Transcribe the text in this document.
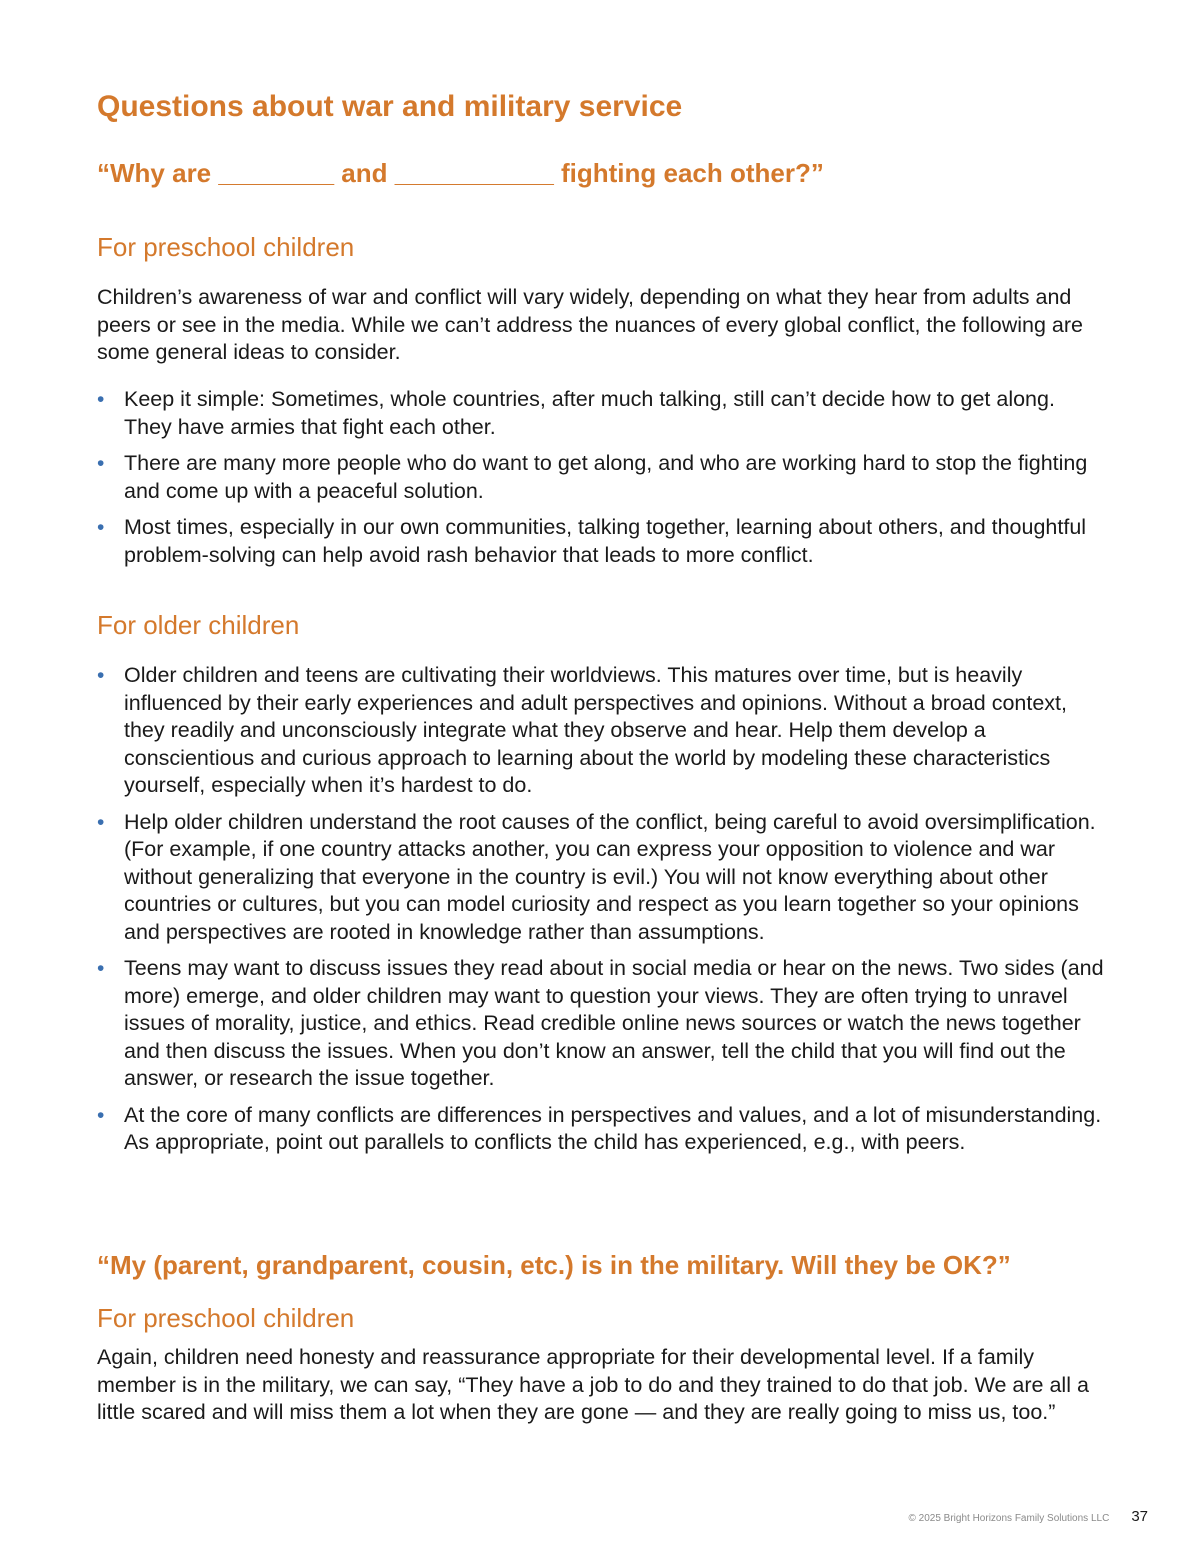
Questions about war and military service
“Why are ________ and ___________ fighting each other?”
For preschool children

Children’s awareness of war and conflict will vary widely, depending on what they hear from adults and peers or see in the media. While we can’t address the nuances of every global conflict, the following are some general ideas to consider.

• Keep it simple: Sometimes, whole countries, after much talking, still can’t decide how to get along. They have armies that fight each other.
• There are many more people who do want to get along, and who are working hard to stop the fighting and come up with a peaceful solution.
• Most times, especially in our own communities, talking together, learning about others, and thoughtful problem-solving can help avoid rash behavior that leads to more conflict.
For older children
• Older children and teens are cultivating their worldviews. This matures over time, but is heavily influenced by their early experiences and adult perspectives and opinions. Without a broad context, they readily and unconsciously integrate what they observe and hear. Help them develop a conscientious and curious approach to learning about the world by modeling these characteristics yourself, especially when it’s hardest to do.
• Help older children understand the root causes of the conflict, being careful to avoid oversimplification. (For example, if one country attacks another, you can express your opposition to violence and war without generalizing that everyone in the country is evil.) You will not know everything about other countries or cultures, but you can model curiosity and respect as you learn together so your opinions and perspectives are rooted in knowledge rather than assumptions.
• Teens may want to discuss issues they read about in social media or hear on the news. Two sides (and more) emerge, and older children may want to question your views. They are often trying to unravel issues of morality, justice, and ethics. Read credible online news sources or watch the news together and then discuss the issues. When you don’t know an answer, tell the child that you will find out the answer, or research the issue together.
• At the core of many conflicts are differences in perspectives and values, and a lot of misunderstanding. As appropriate, point out parallels to conflicts the child has experienced, e.g., with peers.
“My (parent, grandparent, cousin, etc.) is in the military. Will they be OK?”
For preschool children

Again, children need honesty and reassurance appropriate for their developmental level. If a family member is in the military, we can say, “They have a job to do and they trained to do that job. We are all a little scared and will miss them a lot when they are gone — and they are really going to miss us, too.”

© 2025 Bright Horizons Family Solutions LLC 37
